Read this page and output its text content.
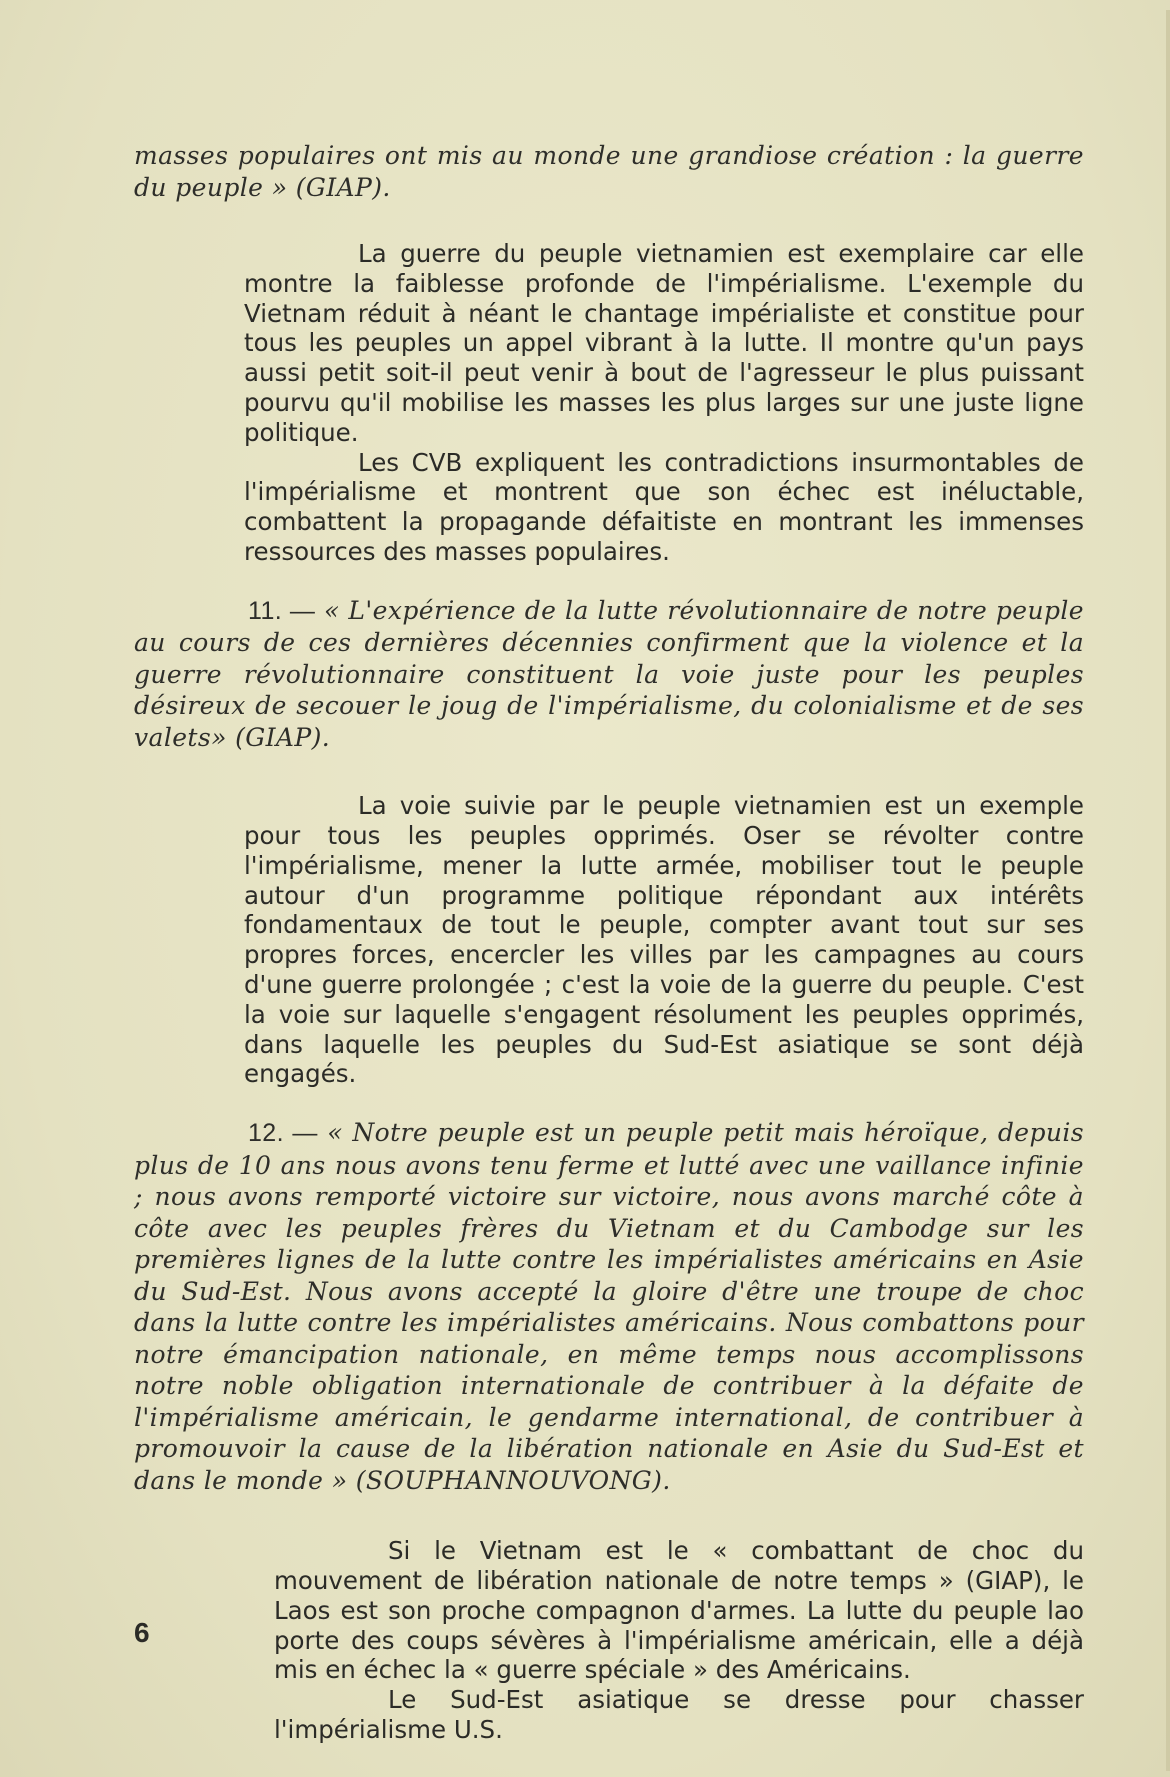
masses populaires ont mis au monde une grandiose création : la guerre du peuple » (GIAP).

La guerre du peuple vietnamien est exemplaire car elle montre la faiblesse profonde de l'impérialisme. L'exemple du Vietnam réduit à néant le chantage impérialiste et constitue pour tous les peuples un appel vibrant à la lutte. Il montre qu'un pays aussi petit soit-il peut venir à bout de l'agresseur le plus puissant pourvu qu'il mobilise les masses les plus larges sur une juste ligne politique.

Les CVB expliquent les contradictions insurmontables de l'impérialisme et montrent que son échec est inéluctable, combattent la propagande défaitiste en montrant les immenses ressources des masses populaires.

11. — « L'expérience de la lutte révolutionnaire de notre peuple au cours de ces dernières décennies confirment que la violence et la guerre révolutionnaire constituent la voie juste pour les peuples désireux de secouer le joug de l'impérialisme, du colonialisme et de ses valets» (GIAP).

La voie suivie par le peuple vietnamien est un exemple pour tous les peuples opprimés. Oser se révolter contre l'impérialisme, mener la lutte armée, mobiliser tout le peuple autour d'un programme politique répondant aux intérêts fondamentaux de tout le peuple, compter avant tout sur ses propres forces, encercler les villes par les campagnes au cours d'une guerre prolongée ; c'est la voie de la guerre du peuple. C'est la voie sur laquelle s'engagent résolument les peuples opprimés, dans laquelle les peuples du Sud-Est asiatique se sont déjà engagés.

12. — « Notre peuple est un peuple petit mais héroïque, depuis plus de 10 ans nous avons tenu ferme et lutté avec une vaillance infinie ; nous avons remporté victoire sur victoire, nous avons marché côte à côte avec les peuples frères du Vietnam et du Cambodge sur les premières lignes de la lutte contre les impérialistes américains en Asie du Sud-Est. Nous avons accepté la gloire d'être une troupe de choc dans la lutte contre les impérialistes américains. Nous combattons pour notre émancipation nationale, en même temps nous accomplissons notre noble obligation internationale de contribuer à la défaite de l'impérialisme américain, le gendarme international, de contribuer à promouvoir la cause de la libération nationale en Asie du Sud-Est et dans le monde » (SOUPHANNOUVONG).

Si le Vietnam est le « combattant de choc du mouvement de libération nationale de notre temps » (GIAP), le Laos est son proche compagnon d'armes. La lutte du peuple lao porte des coups sévères à l'impérialisme américain, elle a déjà mis en échec la « guerre spéciale » des Américains.

Le Sud-Est asiatique se dresse pour chasser l'impérialisme U.S.

6
